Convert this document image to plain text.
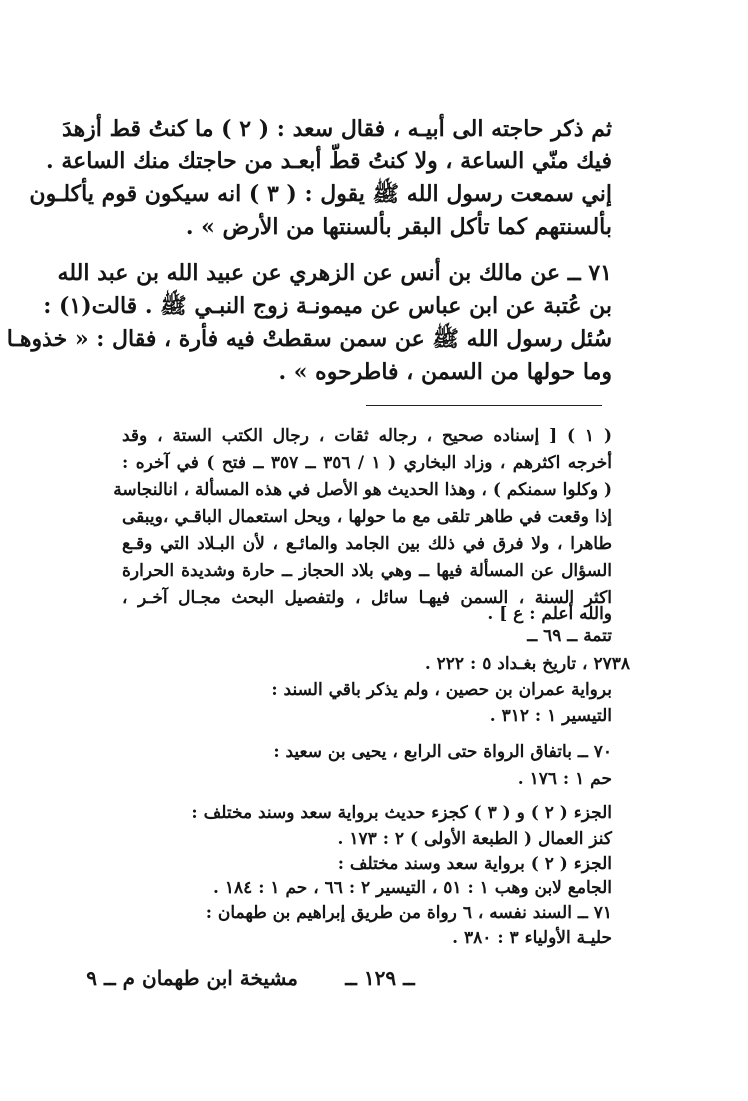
ثم ذكر حاجته الى أبيـه ، فقال سعد : ( ٢ ) ما كنتُ قط أزهدَ
فيك منّي الساعة ، ولا كنتُ قطّ أبعـد من حاجتك منك الساعة .
إني سمعت رسول الله ﷺ يقول : ( ٣ ) انه سيكون قوم يأكلـون
بألسنتهم كما تأكل البقر بألسنتها من الأرض » .
٧١ ــ عن مالك بن أنس عن الزهري عن عبيد الله بن عبد الله
بن عُتبة عن ابن عباس عن ميمونـة زوج النبـي ﷺ . قالت(١) :
سُئل رسول الله ﷺ عن سمن سقطتْ فيه فأرة ، فقال : « خذوهـا
وما حولها من السمن ، فاطرحوه » .
( ١ ) [ إسناده صحيح ، رجاله ثقات ، رجال الكتب الستة ، وقد
أخرجه اكثرهم ، وزاد البخاري ( ١ / ٣٥٦ ــ ٣٥٧ ــ فتح ) في آخره :
( وكلوا سمنكم ) ، وهذا الحديث هو الأصل في هذه المسألة ، انالنجاسة
إذا وقعت في طاهر تلقى مع ما حولها ، ويحل استعمال الباقـي ،ويبقى
طاهرا ، ولا فرق في ذلك بين الجامد والمائـع ، لأن البـلاد التي وقـع
السؤال عن المسألة فيها ــ وهي بلاد الحجاز ــ حارة وشديدة الحرارة
اكثر السنة ، السمن فيهـا سائل ، ولتفصيل البحث مجـال آخـر ،
والله أعلم : ع ] .
تتمة ــ ٦٩ ــ
٢٧٣٨ ، تاريخ بغـداد ٥ : ٢٢٢ .
برواية عمران بن حصين ، ولم يذكر باقي السند :
التيسير ١ : ٣١٢ .
٧٠ ــ باتفاق الرواة حتى الرابع ، يحيى بن سعيد :
حم ١ : ١٧٦ .
الجزء ( ٢ ) و ( ٣ ) كجزء حديث برواية سعد وسند مختلف :
كنز العمال ( الطبعة الأولى ) ٢ : ١٧٣ .
الجزء ( ٢ ) برواية سعد وسند مختلف :
الجامع لابن وهب ١ : ٥١ ، التيسير ٢ : ٦٦ ، حم ١ : ١٨٤ .
٧١ ــ السند نفسه ، ٦ رواة من طريق إبراهيم بن طهمان :
حليـة الأولياء ٣ : ٣٨٠ .
ــ ١٢٩ ــ
مشيخة ابن طهمان م ــ ٩
